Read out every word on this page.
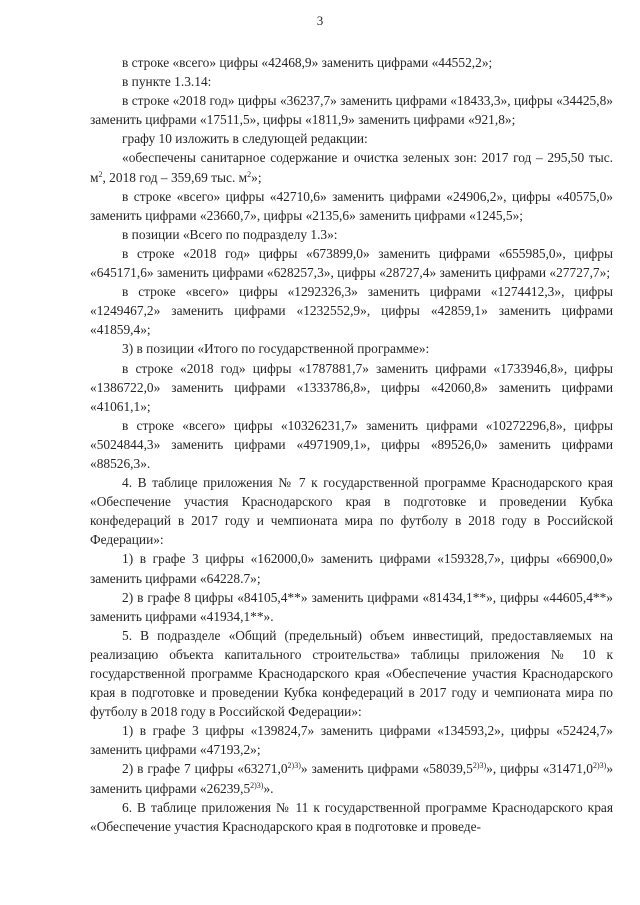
3

в строке «всего» цифры «42468,9» заменить цифрами «44552,2»;

в пункте 1.3.14:

в строке «2018 год» цифры «36237,7» заменить цифрами «18433,3», цифры «34425,8» заменить цифрами «17511,5», цифры «1811,9» заменить цифрами «921,8»;

графу 10 изложить в следующей редакции:

«обеспечены санитарное содержание и очистка зеленых зон: 2017 год – 295,50 тыс. $м^2$, 2018 год – 359,69 тыс. $м^2$»;

в строке «всего» цифры «42710,6» заменить цифрами «24906,2», цифры «40575,0» заменить цифрами «23660,7», цифры «2135,6» заменить цифрами «1245,5»;

в позиции «Всего по подразделу 1.3»:

в строке «2018 год» цифры «673899,0» заменить цифрами «655985,0», цифры «645171,6» заменить цифрами «628257,3», цифры «28727,4» заменить цифрами «27727,7»;

в строке «всего» цифры «1292326,3» заменить цифрами «1274412,3», цифры «1249467,2» заменить цифрами «1232552,9», цифры «42859,1» заменить цифрами «41859,4»;

3) в позиции «Итого по государственной программе»:

в строке «2018 год» цифры «1787881,7» заменить цифрами «1733946,8», цифры «1386722,0» заменить цифрами «1333786,8», цифры «42060,8» заменить цифрами «41061,1»;

в строке «всего» цифры «10326231,7» заменить цифрами «10272296,8», цифры «5024844,3» заменить цифрами «4971909,1», цифры «89526,0» заменить цифрами «88526,3».

4. В таблице приложения № 7 к государственной программе Краснодарского края «Обеспечение участия Краснодарского края в подготовке и проведении Кубка конфедераций в 2017 году и чемпионата мира по футболу в 2018 году в Российской Федерации»:

1) в графе 3 цифры «162000,0» заменить цифрами «159328,7», цифры «66900,0» заменить цифрами «64228.7»;

2) в графе 8 цифры «84105,4**» заменить цифрами «81434,1**», цифры «44605,4**» заменить цифрами «41934,1**».

5. В подразделе «Общий (предельный) объем инвестиций, предоставляемых на реализацию объекта капитального строительства» таблицы приложения № 10 к государственной программе Краснодарского края «Обеспечение участия Краснодарского края в подготовке и проведении Кубка конфедераций в 2017 году и чемпионата мира по футболу в 2018 году в Российской Федерации»:

1) в графе 3 цифры «139824,7» заменить цифрами «134593,2», цифры «52424,7» заменить цифрами «47193,2»;

2) в графе 7 цифры «$63271,0^{2)3)}$» заменить цифрами «$58039,5^{2)3)}$», цифры «$31471,0^{2)3)}$» заменить цифрами «$26239,5^{2)3)}$».

6. В таблице приложения № 11 к государственной программе Краснодарского края «Обеспечение участия Краснодарского края в подготовке и проведе-
